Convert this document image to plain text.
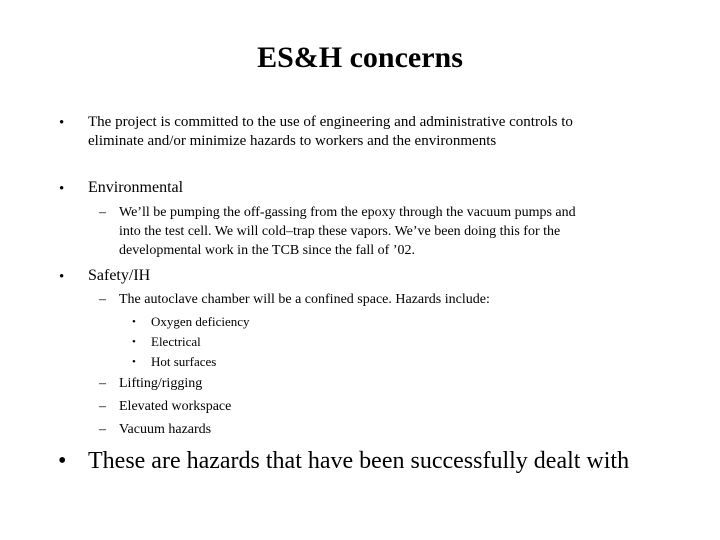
ES&H concerns
• The project is committed to the use of engineering and administrative controls to

eliminate and/or minimize hazards to workers and the environments

• Environmental

– We’ll be pumping the off-gassing from the epoxy through the vacuum pumps and

into the test cell. We will cold–trap these vapors. We’ve been doing this for the

developmental work in the TCB since the fall of ’02.

• Safety/IH

– The autoclave chamber will be a confined space. Hazards include:

• Oxygen deficiency

• Electrical

• Hot surfaces

– Lifting/rigging

– Elevated workspace

– Vacuum hazards

• These are hazards that have been successfully dealt with
